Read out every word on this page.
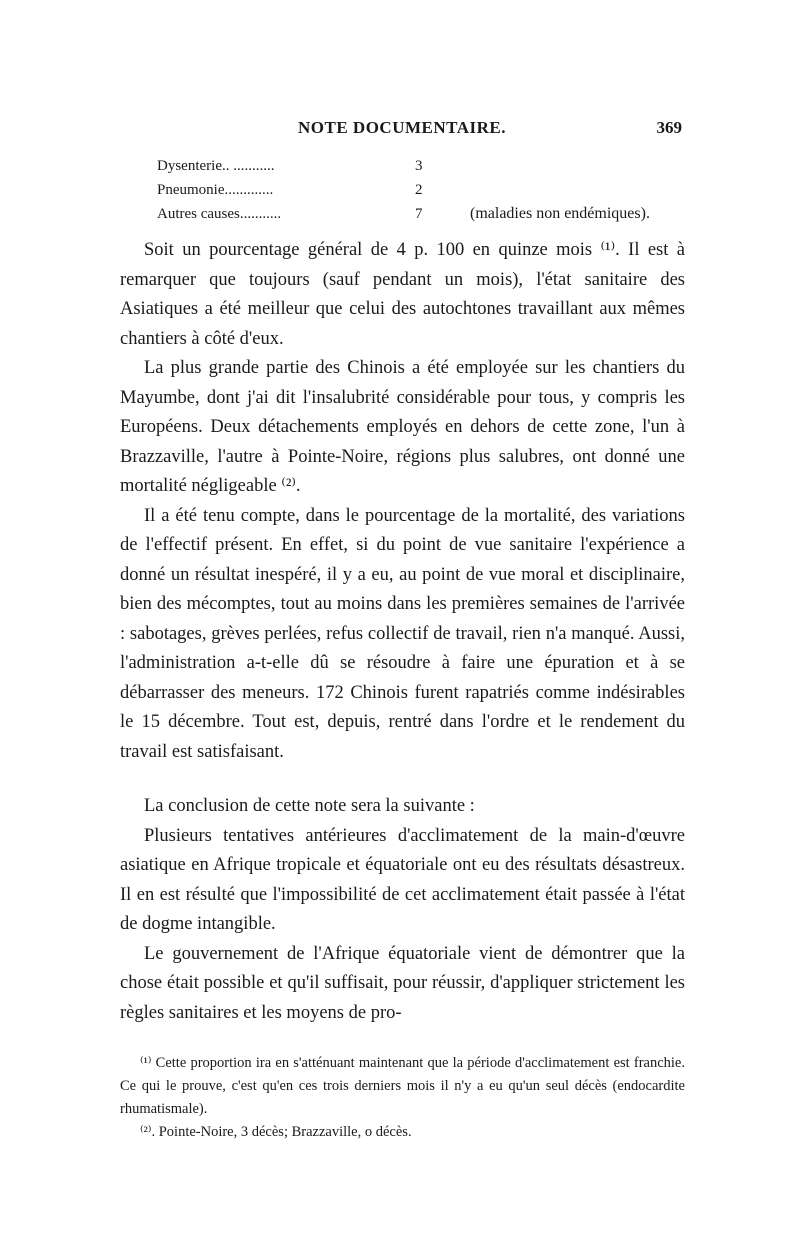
NOTE DOCUMENTAIRE.	369
Dysenterie.. ...........	3
Pneumonie.............	2
Autres causes...........	7	(maladies non endémiques).

Soit un pourcentage général de 4 p. 100 en quinze mois ⁽¹⁾. Il est à remarquer que toujours (sauf pendant un mois), l'état sanitaire des Asiatiques a été meilleur que celui des autochtones travaillant aux mêmes chantiers à côté d'eux.

La plus grande partie des Chinois a été employée sur les chantiers du Mayumbe, dont j'ai dit l'insalubrité considérable pour tous, y compris les Européens. Deux détachements employés en dehors de cette zone, l'un à Brazzaville, l'autre à Pointe-Noire, régions plus salubres, ont donné une mortalité négligeable ⁽²⁾.

Il a été tenu compte, dans le pourcentage de la mortalité, des variations de l'effectif présent. En effet, si du point de vue sanitaire l'expérience a donné un résultat inespéré, il y a eu, au point de vue moral et disciplinaire, bien des mécomptes, tout au moins dans les premières semaines de l'arrivée : sabotages, grèves perlées, refus collectif de travail, rien n'a manqué. Aussi, l'administration a-t-elle dû se résoudre à faire une épuration et à se débarrasser des meneurs. 172 Chinois furent rapatriés comme indésirables le 15 décembre. Tout est, depuis, rentré dans l'ordre et le rendement du travail est satisfaisant.

La conclusion de cette note sera la suivante :

Plusieurs tentatives antérieures d'acclimatement de la main-d'œuvre asiatique en Afrique tropicale et équatoriale ont eu des résultats désastreux. Il en est résulté que l'impossibilité de cet acclimatement était passée à l'état de dogme intangible.

Le gouvernement de l'Afrique équatoriale vient de démontrer que la chose était possible et qu'il suffisait, pour réussir, d'appliquer strictement les règles sanitaires et les moyens de pro-

⁽¹⁾ Cette proportion ira en s'atténuant maintenant que la période d'acclimatement est franchie. Ce qui le prouve, c'est qu'en ces trois derniers mois il n'y a eu qu'un seul décès (endocardite rhumatismale).

⁽²⁾. Pointe-Noire, 3 décès; Brazzaville, o décès.
